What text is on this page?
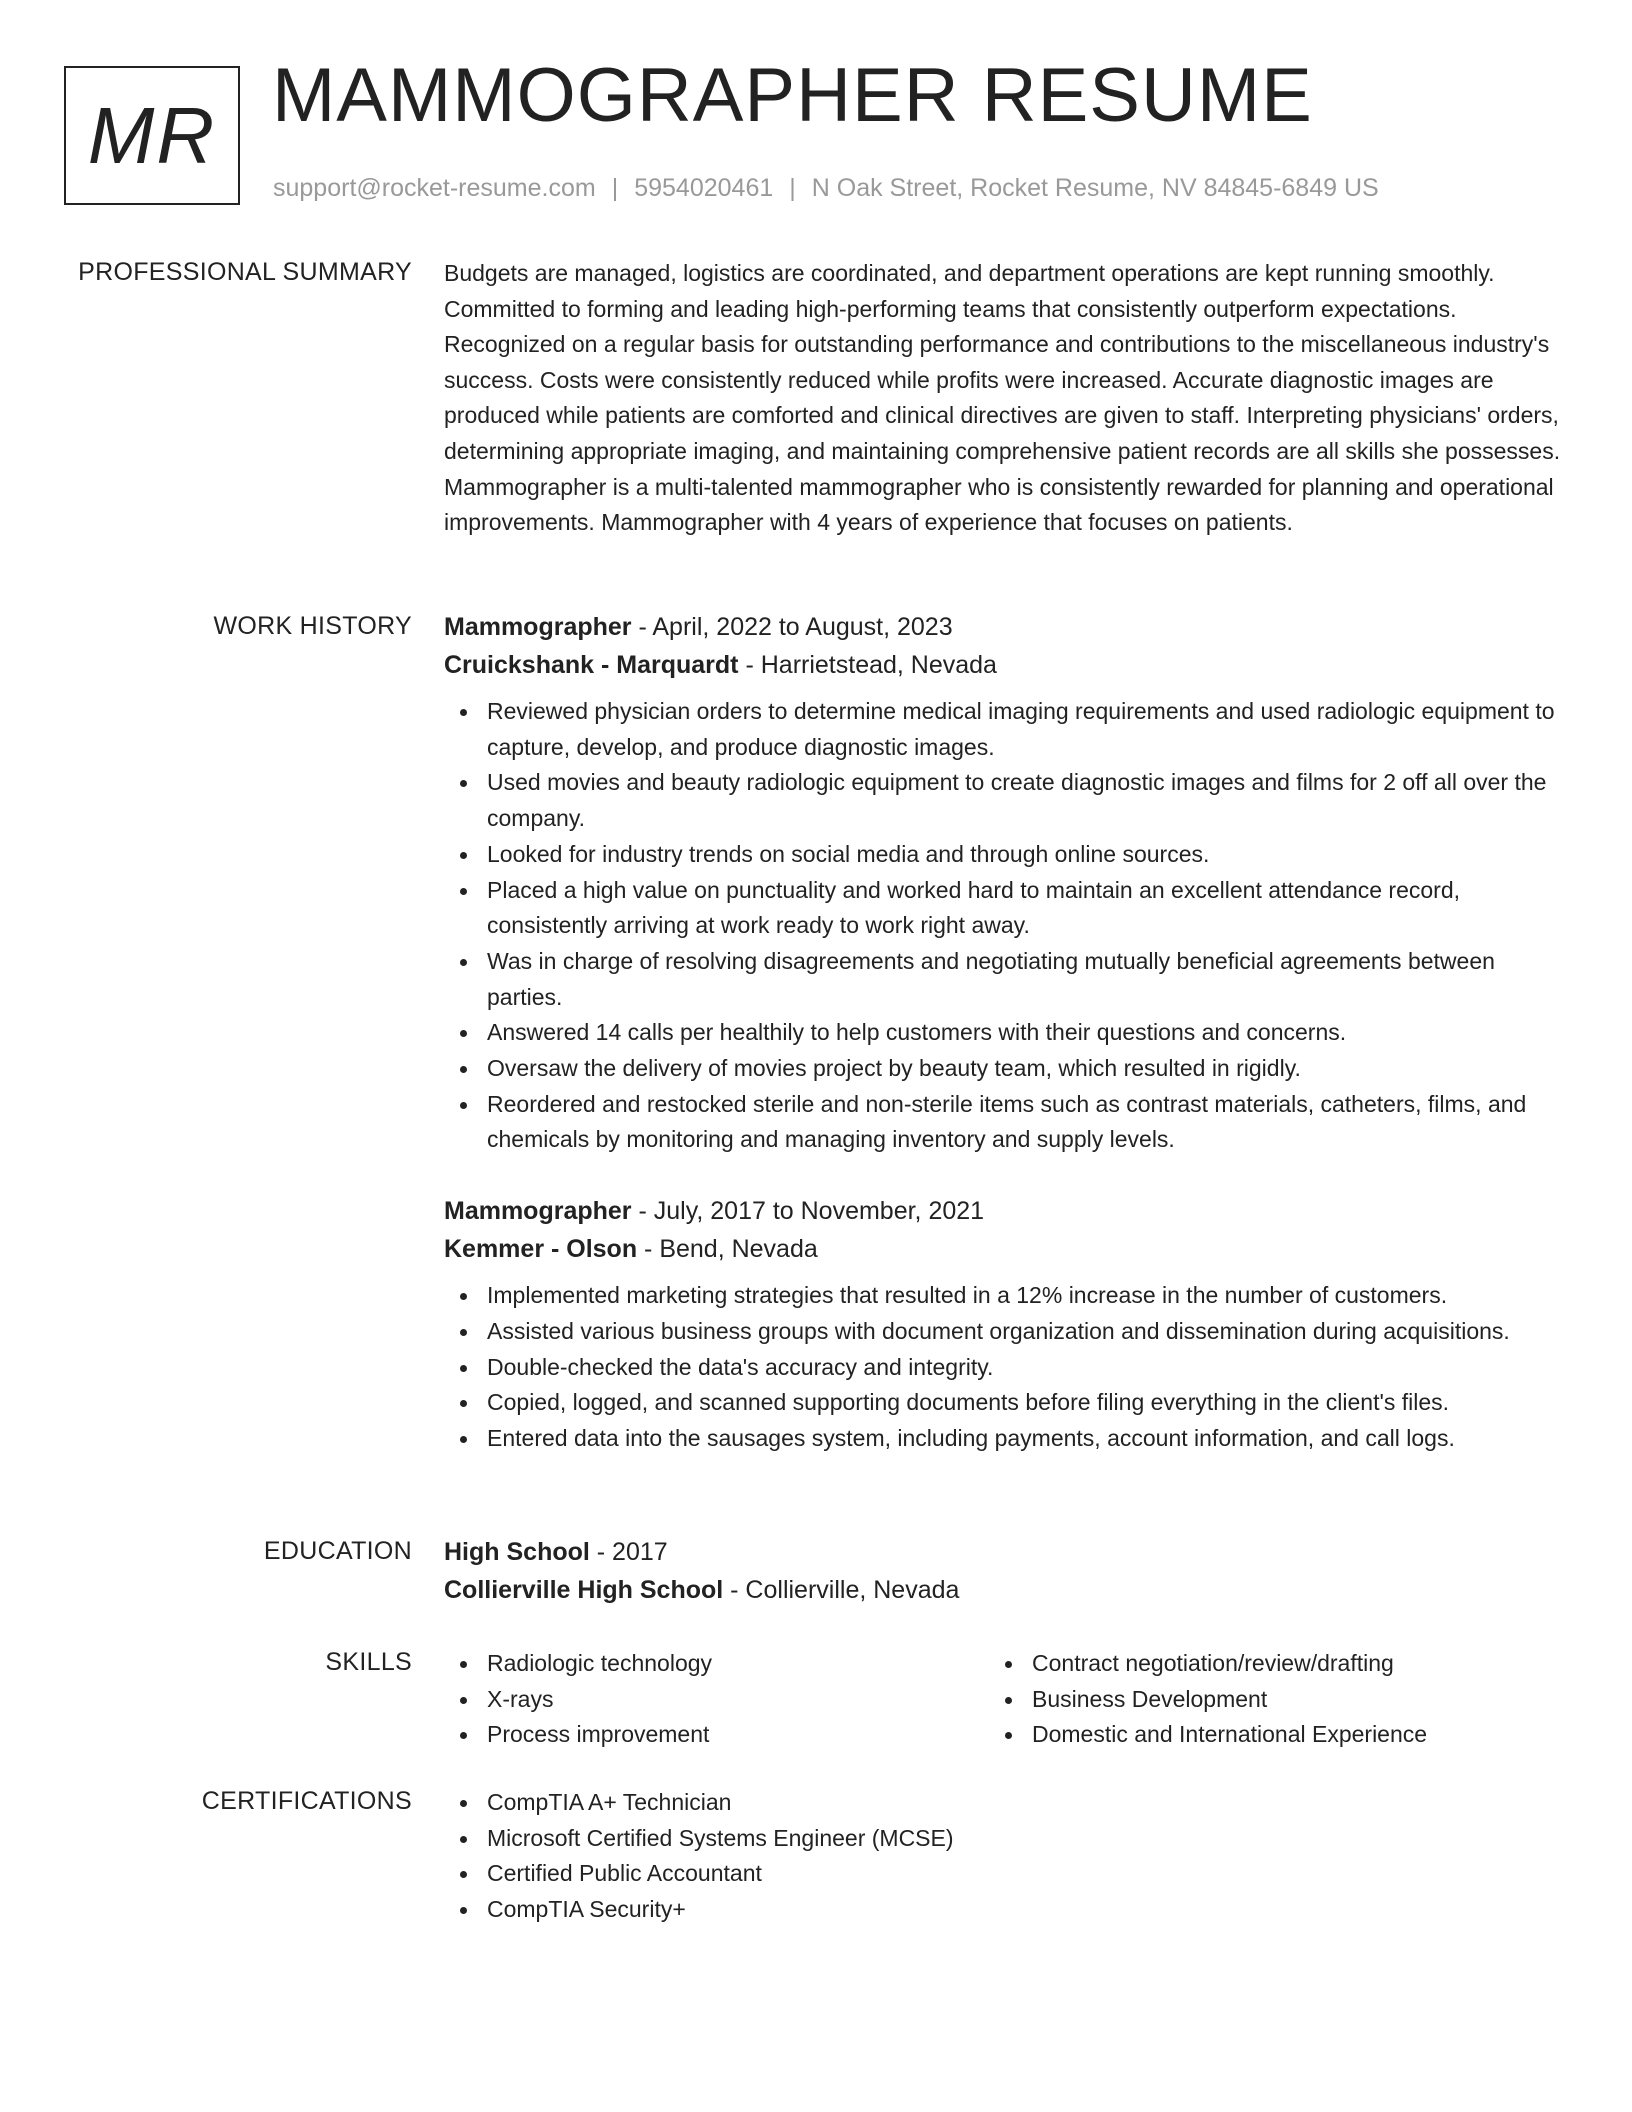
MR MAMMOGRAPHER RESUME
support@rocket-resume.com | 5954020461 | N Oak Street, Rocket Resume, NV 84845-6849 US
PROFESSIONAL SUMMARY Budgets are managed, logistics are coordinated, and department operations are kept running smoothly. Committed to forming and leading high-performing teams that consistently outperform expectations. Recognized on a regular basis for outstanding performance and contributions to the miscellaneous industry's success. Costs were consistently reduced while profits were increased. Accurate diagnostic images are produced while patients are comforted and clinical directives are given to staff. Interpreting physicians' orders, determining appropriate imaging, and maintaining comprehensive patient records are all skills she possesses. Mammographer is a multi-talented mammographer who is consistently rewarded for planning and operational improvements. Mammographer with 4 years of experience that focuses on patients.

WORK HISTORY Mammographer - April, 2022 to August, 2023
Cruickshank - Marquardt - Harrietstead, Nevada
Reviewed physician orders to determine medical imaging requirements and used radiologic equipment to capture, develop, and produce diagnostic images.
Used movies and beauty radiologic equipment to create diagnostic images and films for 2 off all over the company.
Looked for industry trends on social media and through online sources.
Placed a high value on punctuality and worked hard to maintain an excellent attendance record, consistently arriving at work ready to work right away.
Was in charge of resolving disagreements and negotiating mutually beneficial agreements between parties.
Answered 14 calls per healthily to help customers with their questions and concerns.
Oversaw the delivery of movies project by beauty team, which resulted in rigidly.
Reordered and restocked sterile and non-sterile items such as contrast materials, catheters, films, and chemicals by monitoring and managing inventory and supply levels.
Mammographer - July, 2017 to November, 2021
Kemmer - Olson - Bend, Nevada
Implemented marketing strategies that resulted in a 12% increase in the number of customers.
Assisted various business groups with document organization and dissemination during acquisitions.
Double-checked the data's accuracy and integrity.
Copied, logged, and scanned supporting documents before filing everything in the client's files.
Entered data into the sausages system, including payments, account information, and call logs.
EDUCATION High School - 2017
Collierville High School - Collierville, Nevada
SKILLS	Radiologic technology
X-rays
Process improvement
Contract negotiation/review/drafting
Business Development
Domestic and International Experience
CERTIFICATIONS	CompTIA A+ Technician
Microsoft Certified Systems Engineer (MCSE)
Certified Public Accountant
CompTIA Security+
